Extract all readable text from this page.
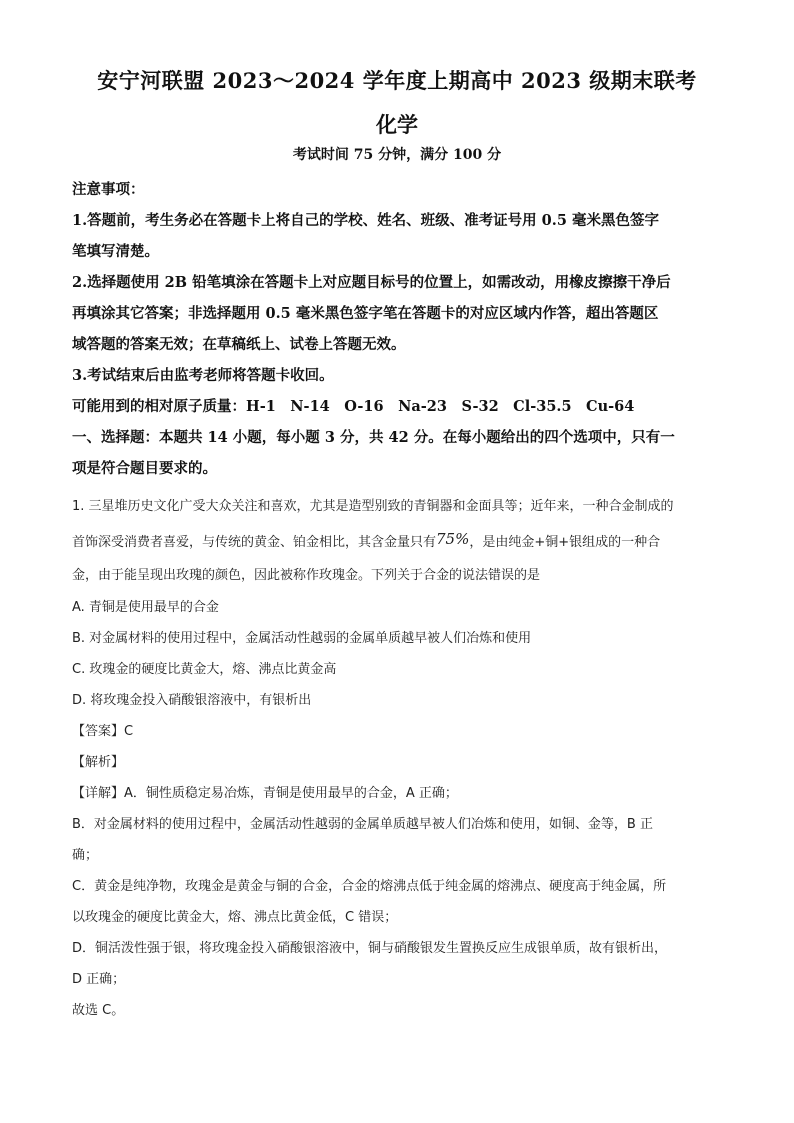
安宁河联盟 2023～2024 学年度上期高中 2023 级期末联考
化学
考试时间 75 分钟，满分 100 分

注意事项：

1.答题前，考生务必在答题卡上将自己的学校、姓名、班级、准考证号用 0.5 毫米黑色签字

笔填写清楚。

2.选择题使用 2B 铅笔填涂在答题卡上对应题目标号的位置上，如需改动，用橡皮擦擦干净后

再填涂其它答案；非选择题用 0.5 毫米黑色签字笔在答题卡的对应区域内作答，超出答题区

域答题的答案无效；在草稿纸上、试卷上答题无效。

3.考试结束后由监考老师将答题卡收回。

可能用到的相对原子质量：H-1　N-14　O-16　Na-23　S-32　Cl-35.5　Cu-64

一、选择题：本题共 14 小题，每小题 3 分，共 42 分。在每小题给出的四个选项中，只有一

项是符合题目要求的。

1. 三星堆历史文化广受大众关注和喜欢，尤其是造型别致的青铜器和金面具等；近年来，一种合金制成的

首饰深受消费者喜爱，与传统的黄金、铂金相比，其含金量只有75%，是由纯金+铜+银组成的一种合

金，由于能呈现出玫瑰的颜色，因此被称作玫瑰金。下列关于合金的说法错误的是

A. 青铜是使用最早的合金

B. 对金属材料的使用过程中，金属活动性越弱的金属单质越早被人们冶炼和使用

C. 玫瑰金的硬度比黄金大，熔、沸点比黄金高

D. 将玫瑰金投入硝酸银溶液中，有银析出

【答案】C

【解析】

【详解】A．铜性质稳定易冶炼，青铜是使用最早的合金，A 正确；

B．对金属材料的使用过程中，金属活动性越弱的金属单质越早被人们冶炼和使用，如铜、金等，B 正

确；

C．黄金是纯净物，玫瑰金是黄金与铜的合金，合金的熔沸点低于纯金属的熔沸点、硬度高于纯金属，所

以玫瑰金的硬度比黄金大，熔、沸点比黄金低，C 错误；

D．铜活泼性强于银，将玫瑰金投入硝酸银溶液中，铜与硝酸银发生置换反应生成银单质，故有银析出，

D 正确；

故选 C。
